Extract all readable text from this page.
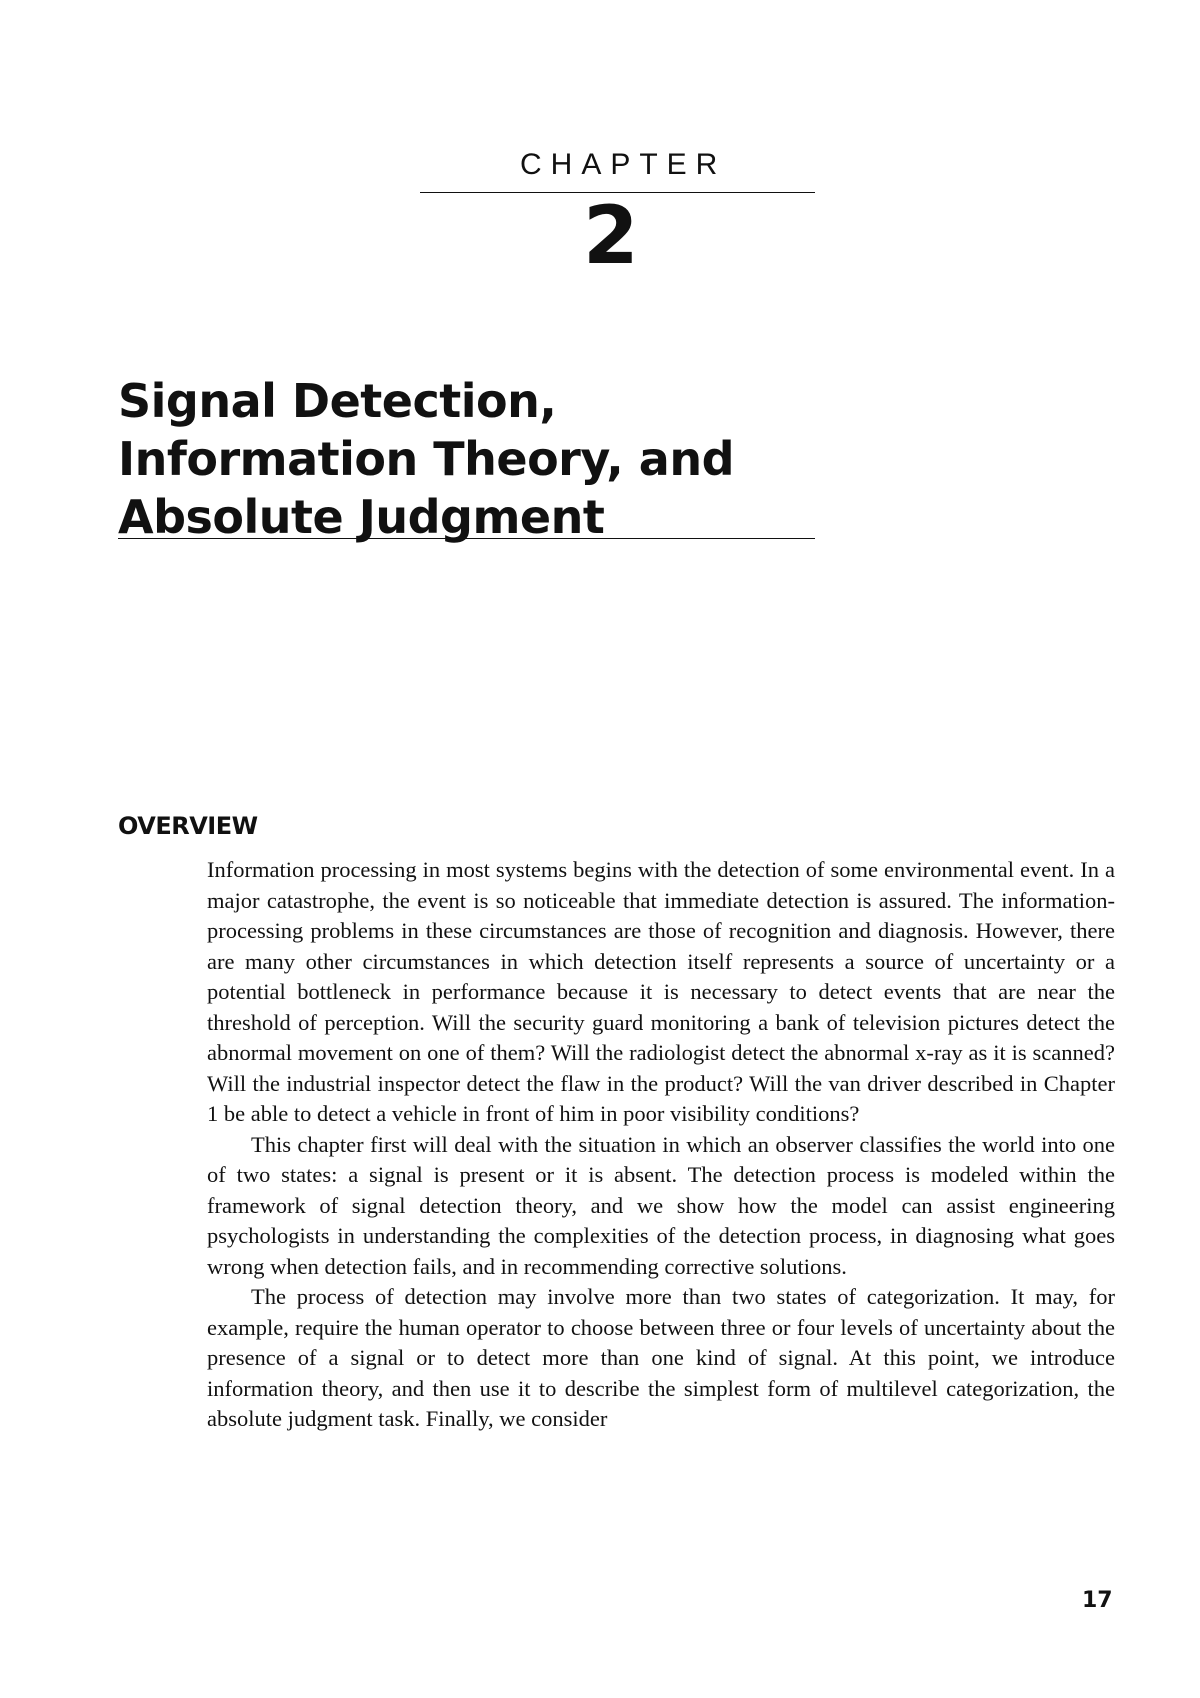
CHAPTER
2
Signal Detection,
Information Theory, and
Absolute Judgment
OVERVIEW

Information processing in most systems begins with the detection of some environmental event. In a major catastrophe, the event is so noticeable that immediate detection is assured. The information-processing problems in these circumstances are those of recognition and diagnosis. However, there are many other circumstances in which detection itself represents a source of uncertainty or a potential bottleneck in performance because it is necessary to detect events that are near the threshold of perception. Will the security guard monitoring a bank of television pictures detect the abnormal movement on one of them? Will the radiologist detect the abnormal x-ray as it is scanned? Will the industrial inspector detect the flaw in the product? Will the van driver described in Chapter 1 be able to detect a vehicle in front of him in poor visibility conditions?

This chapter first will deal with the situation in which an observer classifies the world into one of two states: a signal is present or it is absent. The detection process is modeled within the framework of signal detection theory, and we show how the model can assist engineering psychologists in understanding the complexities of the detection process, in diagnosing what goes wrong when detection fails, and in recommending corrective solutions.

The process of detection may involve more than two states of categorization. It may, for example, require the human operator to choose between three or four levels of uncertainty about the presence of a signal or to detect more than one kind of signal. At this point, we introduce information theory, and then use it to describe the simplest form of multilevel categorization, the absolute judgment task. Finally, we consider

17
